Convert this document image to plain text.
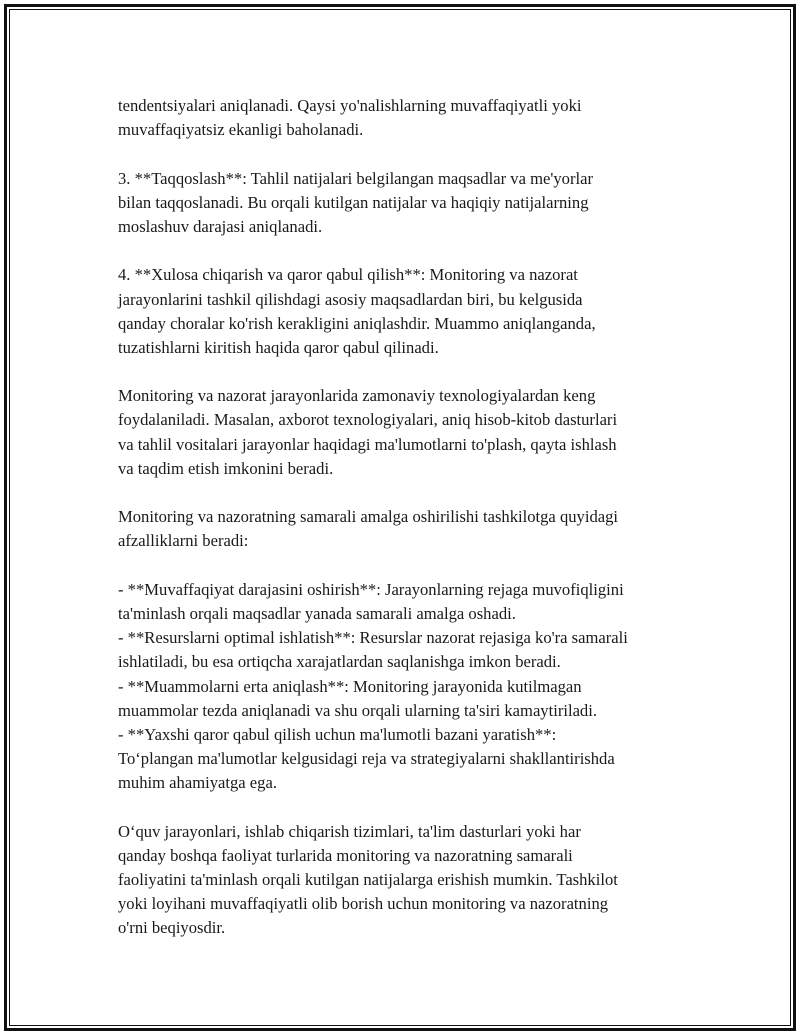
tendentsiyalari aniqlanadi. Qaysi yo'nalishlarning muvaffaqiyatli yoki
muvaffaqiyatsiz ekanligi baholanadi.
3. **Taqqoslash**: Tahlil natijalari belgilangan maqsadlar va me'yorlar
bilan taqqoslanadi. Bu orqali kutilgan natijalar va haqiqiy natijalarning
moslashuv darajasi aniqlanadi.
4. **Xulosa chiqarish va qaror qabul qilish**: Monitoring va nazorat
jarayonlarini tashkil qilishdagi asosiy maqsadlardan biri, bu kelgusida
qanday choralar ko'rish kerakligini aniqlashdir. Muammo aniqlanganda,
tuzatishlarni kiritish haqida qaror qabul qilinadi.
Monitoring va nazorat jarayonlarida zamonaviy texnologiyalardan keng
foydalaniladi. Masalan, axborot texnologiyalari, aniq hisob-kitob dasturlari
va tahlil vositalari jarayonlar haqidagi ma'lumotlarni to'plash, qayta ishlash
va taqdim etish imkonini beradi.
Monitoring va nazoratning samarali amalga oshirilishi tashkilotga quyidagi
afzalliklarni beradi:
- **Muvaffaqiyat darajasini oshirish**: Jarayonlarning rejaga muvofiqligini
ta'minlash orqali maqsadlar yanada samarali amalga oshadi.
- **Resurslarni optimal ishlatish**: Resurslar nazorat rejasiga ko'ra samarali
ishlatiladi, bu esa ortiqcha xarajatlardan saqlanishga imkon beradi.
- **Muammolarni erta aniqlash**: Monitoring jarayonida kutilmagan
muammolar tezda aniqlanadi va shu orqali ularning ta'siri kamaytiriladi.
- **Yaxshi qaror qabul qilish uchun ma'lumotli bazani yaratish**:
To‘plangan ma'lumotlar kelgusidagi reja va strategiyalarni shakllantirishda
muhim ahamiyatga ega.
O‘quv jarayonlari, ishlab chiqarish tizimlari, ta'lim dasturlari yoki har
qanday boshqa faoliyat turlarida monitoring va nazoratning samarali
faoliyatini ta'minlash orqali kutilgan natijalarga erishish mumkin. Tashkilot
yoki loyihani muvaffaqiyatli olib borish uchun monitoring va nazoratning
o'rni beqiyosdir.
